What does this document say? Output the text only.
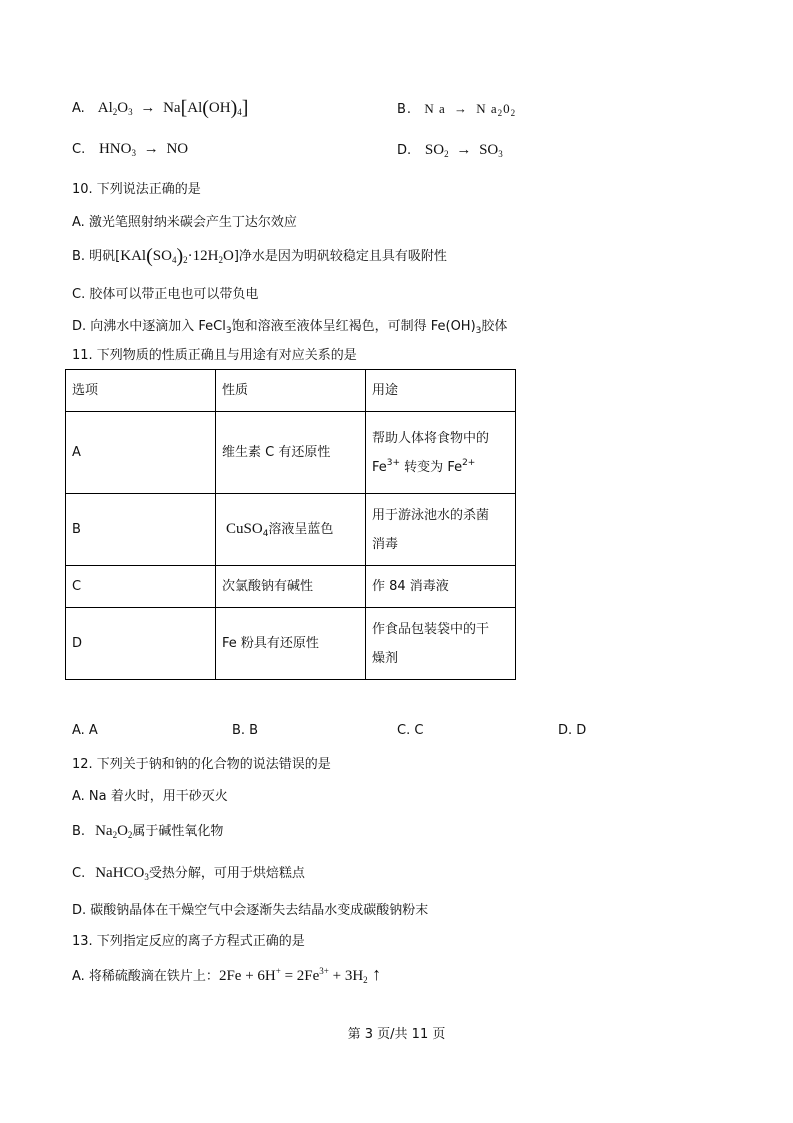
A. $Al_2O_3 \to Na[Al(OH)_4]$	B. N a → N $a_20_2$
C. $HNO_3$ → NO	D. $SO_2 \to SO_3$
10. 下列说法正确的是
A. 激光笔照射纳米碳会产生丁达尔效应
B. 明矾$[KAl(SO_4)_2\cdot 12H_2O]$净水是因为明矾较稳定且具有吸附性
C. 胶体可以带正电也可以带负电
D. 向沸水中逐滴加入 FeCl$_3$饱和溶液至液体呈红褐色，可制得 $Fe(OH)_3$胶体
11. 下列物质的性质正确且与用途有对应关系的是
选项	性质	用途
A	维生素 C 有还原性	帮助人体将食物中的
$Fe^{3+}$ 转变为 $Fe^{2+}$

B	CuSO$_4$溶液呈蓝色	用于游泳池水的杀菌
消毒

C	次氯酸钠有碱性	作 84 消毒液
D	Fe 粉具有还原性	作食品包装袋中的干
燥剂
A. A	B. B	C. C	D. D
12. 下列关于钠和钠的化合物的说法错误的是
A. Na 着火时，用干砂灭火
B. $Na_2O_2$属于碱性氧化物
C. NaHCO$_3$受热分解，可用于烘焙糕点
D. 碳酸钠晶体在干燥空气中会逐渐失去结晶水变成碳酸钠粉末
13. 下列指定反应的离子方程式正确的是
A. 将稀硫酸滴在铁片上：$2Fe + 6H^+ = 2Fe^{3+} + 3H_2$ ↑
第 3 页/共 11 页
